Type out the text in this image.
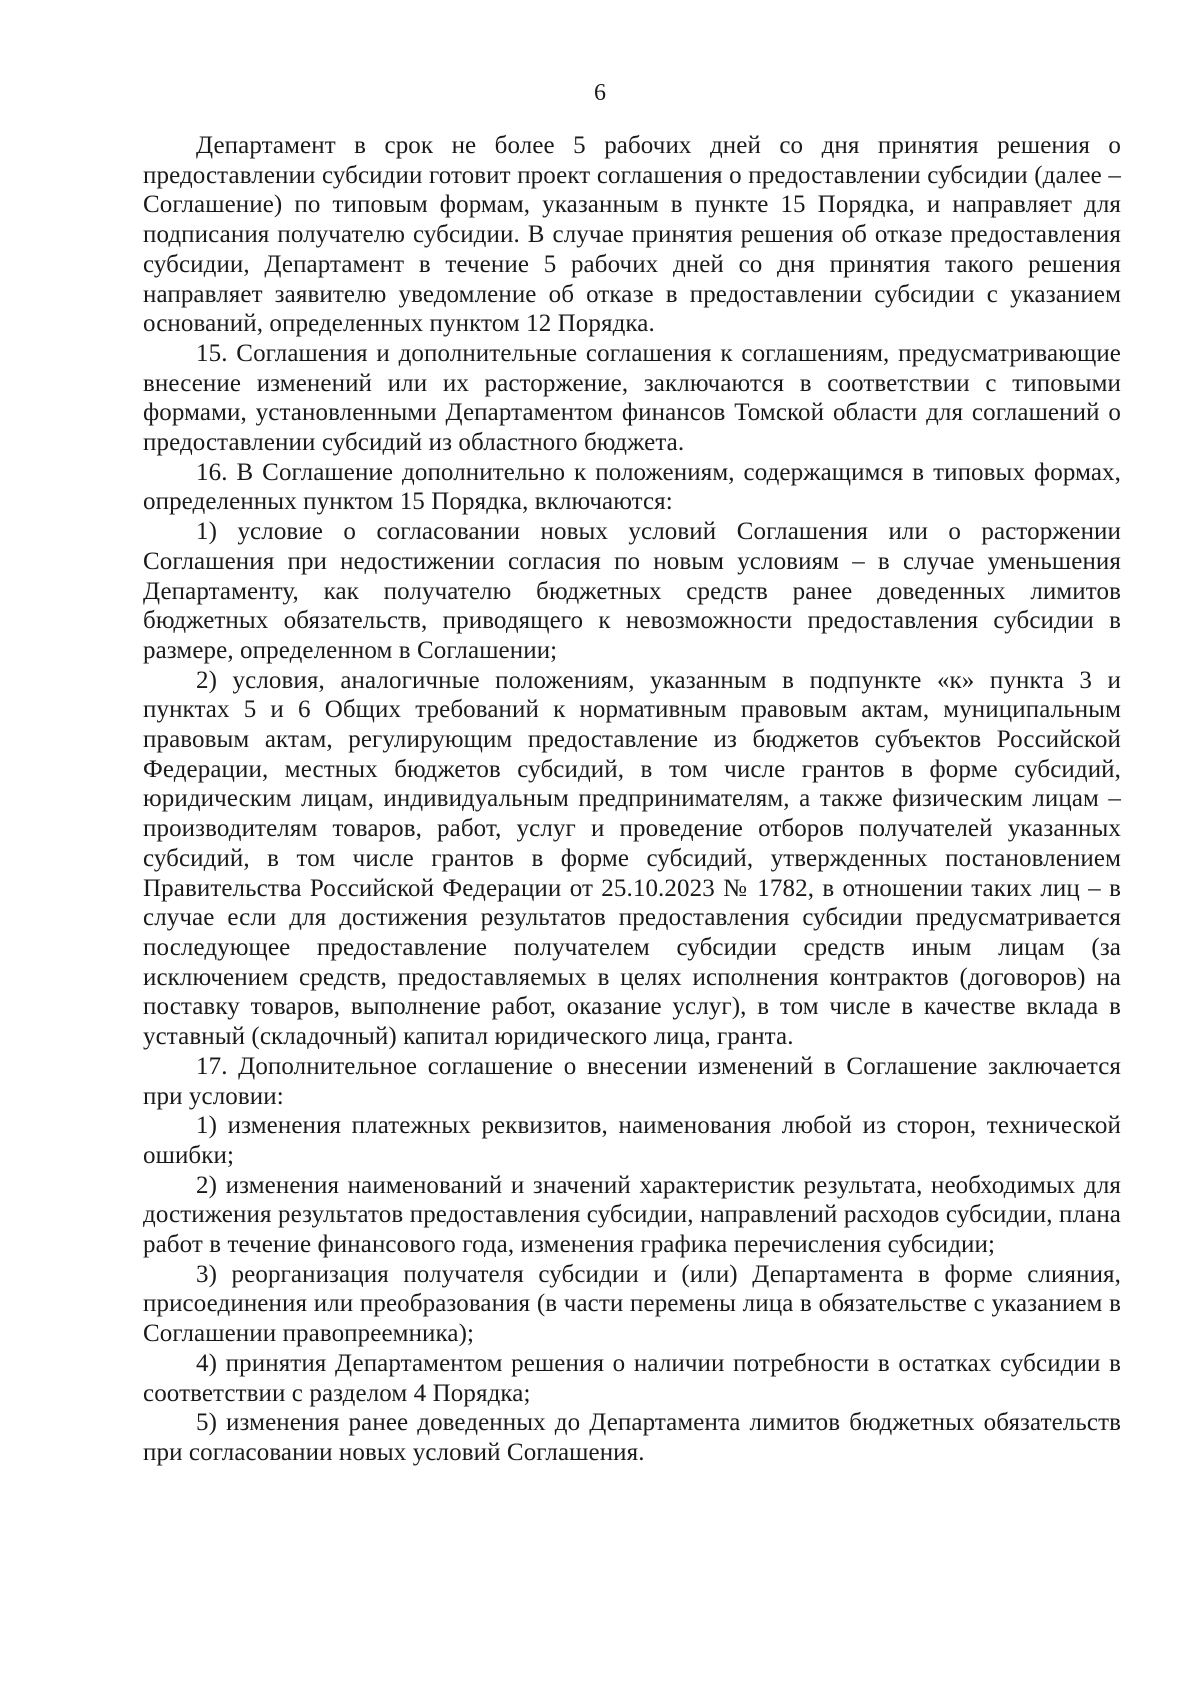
6

Департамент в срок не более 5 рабочих дней со дня принятия решения о предоставлении субсидии готовит проект соглашения о предоставлении субсидии (далее – Соглашение) по типовым формам, указанным в пункте 15 Порядка, и направляет для подписания получателю субсидии. В случае принятия решения об отказе предоставления субсидии, Департамент в течение 5 рабочих дней со дня принятия такого решения направляет заявителю уведомление об отказе в предоставлении субсидии с указанием оснований, определенных пунктом 12 Порядка.

15. Соглашения и дополнительные соглашения к соглашениям, предусматривающие внесение изменений или их расторжение, заключаются в соответствии с типовыми формами, установленными Департаментом финансов Томской области для соглашений о предоставлении субсидий из областного бюджета.

16. В Соглашение дополнительно к положениям, содержащимся в типовых формах, определенных пунктом 15 Порядка, включаются:

1) условие о согласовании новых условий Соглашения или о расторжении Соглашения при недостижении согласия по новым условиям – в случае уменьшения Департаменту, как получателю бюджетных средств ранее доведенных лимитов бюджетных обязательств, приводящего к невозможности предоставления субсидии в размере, определенном в Соглашении;

2) условия, аналогичные положениям, указанным в подпункте «к» пункта 3 и пунктах 5 и 6 Общих требований к нормативным правовым актам, муниципальным правовым актам, регулирующим предоставление из бюджетов субъектов Российской Федерации, местных бюджетов субсидий, в том числе грантов в форме субсидий, юридическим лицам, индивидуальным предпринимателям, а также физическим лицам – производителям товаров, работ, услуг и проведение отборов получателей указанных субсидий, в том числе грантов в форме субсидий, утвержденных постановлением Правительства Российской Федерации от 25.10.2023 № 1782, в отношении таких лиц – в случае если для достижения результатов предоставления субсидии предусматривается последующее предоставление получателем субсидии средств иным лицам (за исключением средств, предоставляемых в целях исполнения контрактов (договоров) на поставку товаров, выполнение работ, оказание услуг), в том числе в качестве вклада в уставный (складочный) капитал юридического лица, гранта.

17. Дополнительное соглашение о внесении изменений в Соглашение заключается при условии:

1) изменения платежных реквизитов, наименования любой из сторон, технической ошибки;

2) изменения наименований и значений характеристик результата, необходимых для достижения результатов предоставления субсидии, направлений расходов субсидии, плана работ в течение финансового года, изменения графика перечисления субсидии;

3) реорганизация получателя субсидии и (или) Департамента в форме слияния, присоединения или преобразования (в части перемены лица в обязательстве с указанием в Соглашении правопреемника);

4) принятия Департаментом решения о наличии потребности в остатках субсидии в соответствии с разделом 4 Порядка;

5) изменения ранее доведенных до Департамента лимитов бюджетных обязательств при согласовании новых условий Соглашения.
